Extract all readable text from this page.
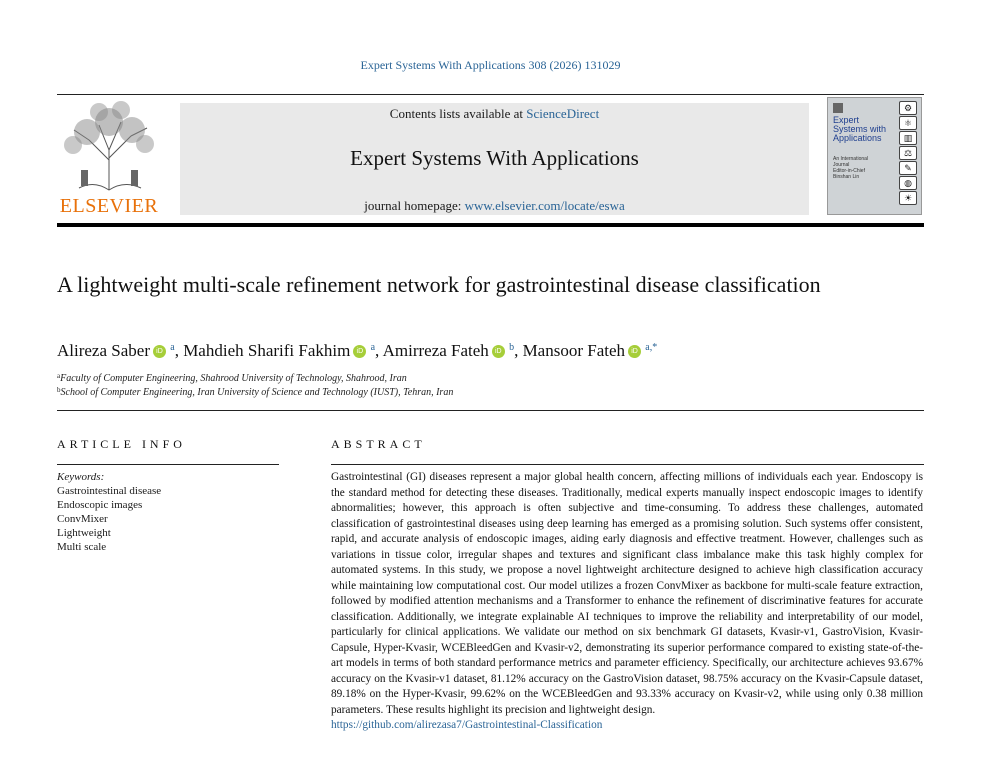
Expert Systems With Applications 308 (2026) 131029
ELSEVIER
Contents lists available at ScienceDirect
Expert Systems With Applications
journal homepage: www.elsevier.com/locate/eswa
Expert Systems with Applications
An International Journal
Editor-in-Chief Binshan Lin
⚙
⚛
▥
⚖
✎
◍
☀
A lightweight multi-scale refinement network for gastrointestinal disease classification
Alireza Saber iD $^a$, Mahdieh Sharifi Fakhim iD $^a$, Amirreza Fateh iD $^b$, Mansoor Fateh iD $^{a,*}$
$^a$Faculty of Computer Engineering, Shahrood University of Technology, Shahrood, Iran
$^b$School of Computer Engineering, Iran University of Science and Technology (IUST), Tehran, Iran
ARTICLE INFO	ABSTRACT
Keywords:
Gastrointestinal disease
Endoscopic images
ConvMixer
Lightweight
Multi scale
Gastrointestinal (GI) diseases represent a major global health concern, affecting millions of individuals each year. Endoscopy is the standard method for detecting these diseases. Traditionally, medical experts manually inspect endoscopic images to identify abnormalities; however, this approach is often subjective and time-consuming. To address these challenges, automated classification of gastrointestinal diseases using deep learning has emerged as a promising solution. Such systems offer consistent, rapid, and accurate analysis of endoscopic images, aiding early diagnosis and effective treatment. However, challenges such as variations in tissue color, irregular shapes and textures and significant class imbalance make this task highly complex for automated systems. In this study, we propose a novel lightweight architecture designed to achieve high classification accuracy while maintaining low computational cost. Our model utilizes a frozen ConvMixer as backbone for multi-scale feature extraction, followed by modified attention mechanisms and a Transformer to enhance the refinement of discriminative features for accurate classification. Additionally, we integrate explainable AI techniques to improve the reliability and interpretability of our model, particularly for clinical applications. We validate our method on six benchmark GI datasets, Kvasir-v1, GastroVision, Kvasir-Capsule, Hyper-Kvasir, WCEBleedGen and Kvasir-v2, demonstrating its superior performance compared to existing state-of-the-art models in terms of both standard performance metrics and parameter efficiency. Specifically, our architecture achieves 93.67% accuracy on the Kvasir-v1 dataset, 81.12% accuracy on the GastroVision dataset, 98.75% accuracy on the Kvasir-Capsule dataset, 89.18% on the Hyper-Kvasir, 99.62% on the WCEBleedGen and 93.33% accuracy on Kvasir-v2, while using only 0.38 million parameters. These results highlight its precision and lightweight design.
https://github.com/alirezasa7/Gastrointestinal-Classification
